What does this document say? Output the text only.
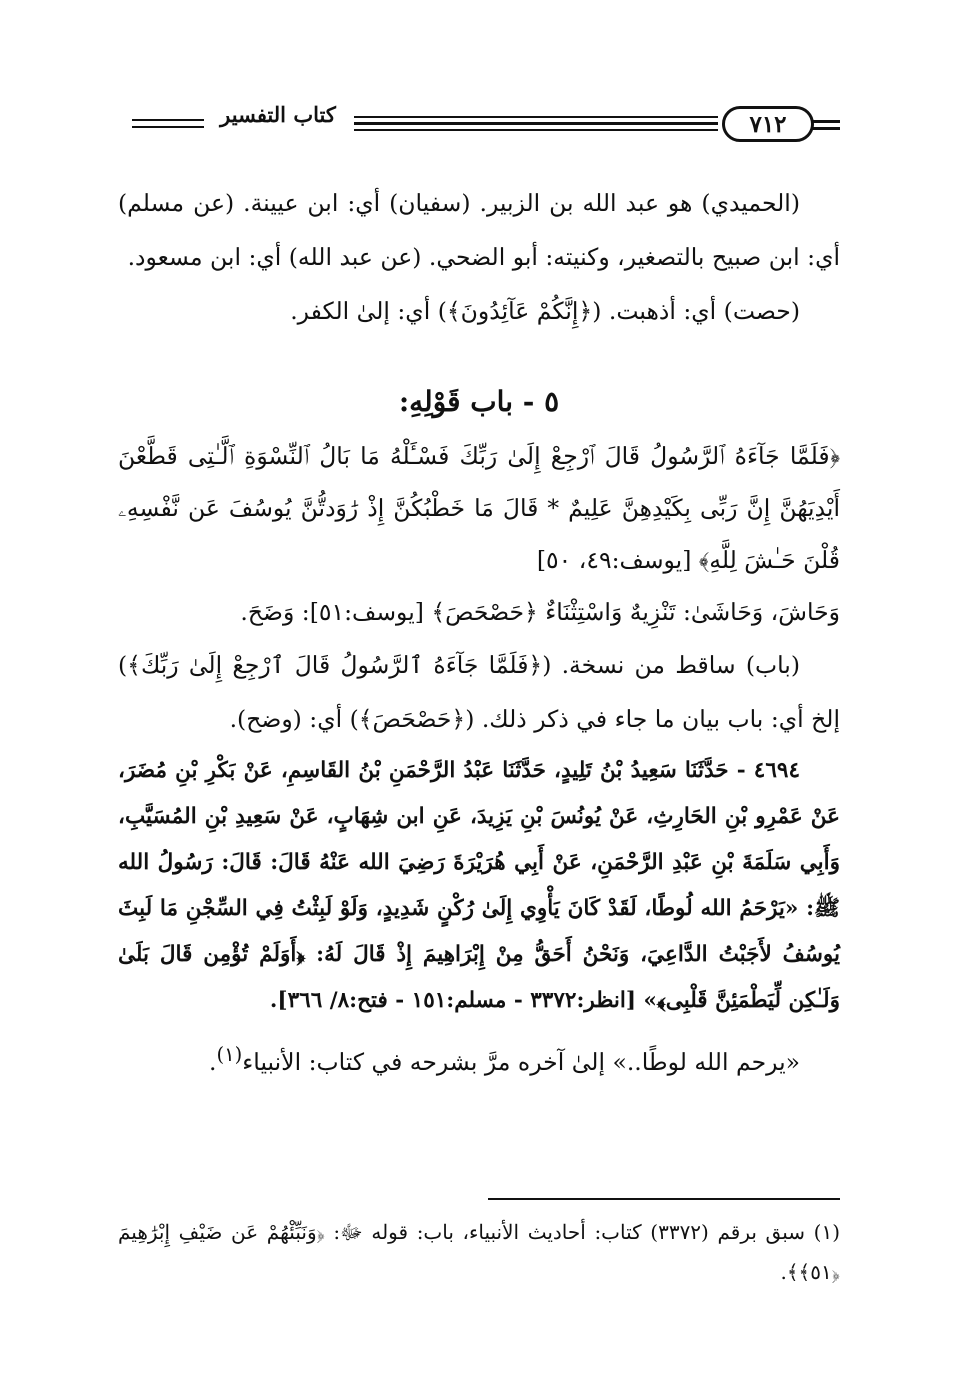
٧١٢
كتاب التفسير

(الحميدي) هو عبد الله بن الزبير. (سفيان) أي: ابن عيينة. (عن مسلم) أي: ابن صبيح بالتصغير، وكنيته: أبو الضحي. (عن عبد الله) أي: ابن مسعود.

(حصت) أي: أذهبت. (﴿إِنَّكُمْ عَآئِدُونَ﴾) أي: إلىٰ الكفر.

٥ - باب قَوْلِهِ:

﴿فَلَمَّا جَآءَهُ ٱلرَّسُولُ قَالَ ٱرْجِعْ إِلَىٰ رَبِّكَ فَسْـَٔلْهُ مَا بَالُ ٱلنِّسْوَةِ ٱلَّـٰتِى قَطَّعْنَ أَيْدِيَهُنَّ إِنَّ رَبِّى بِكَيْدِهِنَّ عَلِيمٌ * قَالَ مَا خَطْبُكُنَّ إِذْ رَٰوَدتُّنَّ يُوسُفَ عَن نَّفْسِهِۦ قُلْنَ حَـٰشَ لِلَّهِ﴾ [يوسف:٤٩، ٥٠]

وَحَاشَ، وَحَاشَىٰ: تَنْزِيهٌ وَاسْتِثْنَاءٌ ﴿حَصْحَصَ﴾ [يوسف:٥١]: وَضَحَ.

(باب) ساقط من نسخة. (﴿فَلَمَّا جَآءَهُ ٱلرَّسُولُ قَالَ ٱرْجِعْ إِلَىٰ رَبِّكَ﴾) إلخ أي: باب بيان ما جاء في ذكر ذلك. (﴿حَصْحَصَ﴾) أي: (وضح).

٤٦٩٤ - حَدَّثَنَا سَعِيدُ بْنُ تَلِيدٍ، حَدَّثَنَا عَبْدُ الرَّحْمَنِ بْنُ القَاسِمِ، عَنْ بَكْرِ بْنِ مُضَرَ، عَنْ عَمْرِو بْنِ الحَارِثِ، عَنْ يُونُسَ بْنِ يَزِيدَ، عَنِ ابن شِهَابٍ، عَنْ سَعِيدِ بْنِ المُسَيَّبِ، وَأَبِي سَلَمَةَ بْنِ عَبْدِ الرَّحْمَنِ، عَنْ أَبِي هُرَيْرَةَ رَضِيَ الله عَنْهُ قَالَ: قَالَ: رَسُولُ الله ﷺ: «يَرْحَمُ الله لُوطًا، لَقَدْ كَانَ يَأْوِي إِلَىٰ رُكْنٍ شَدِيدٍ، وَلَوْ لَبِثْتُ فِي السِّجْنِ مَا لَبِثَ يُوسُفُ لأَجَبْتُ الدَّاعِيَ، وَنَحْنُ أَحَقُّ مِنْ إِبْرَاهِيمَ إِذْ قَالَ لَهُ: ﴿أَوَلَمْ تُؤْمِن قَالَ بَلَىٰ وَلَـٰكِن لِّيَطْمَئِنَّ قَلْبِى﴾» [انظر:٣٣٧٢ - مسلم:١٥١ - فتح:٨/ ٣٦٦].

«يرحم الله لوطًا..» إلىٰ آخره مرَّ بشرحه في كتاب: الأنبياء$^{(١)}$.

(١) سبق برقم (٣٣٧٢) كتاب: أحاديث الأنبياء، باب: قوله ﷻ: ﴿وَنَبِّئْهُمْ عَن ضَيْفِ إِبْرَٰهِيمَ ﴿٥١﴾﴾.
